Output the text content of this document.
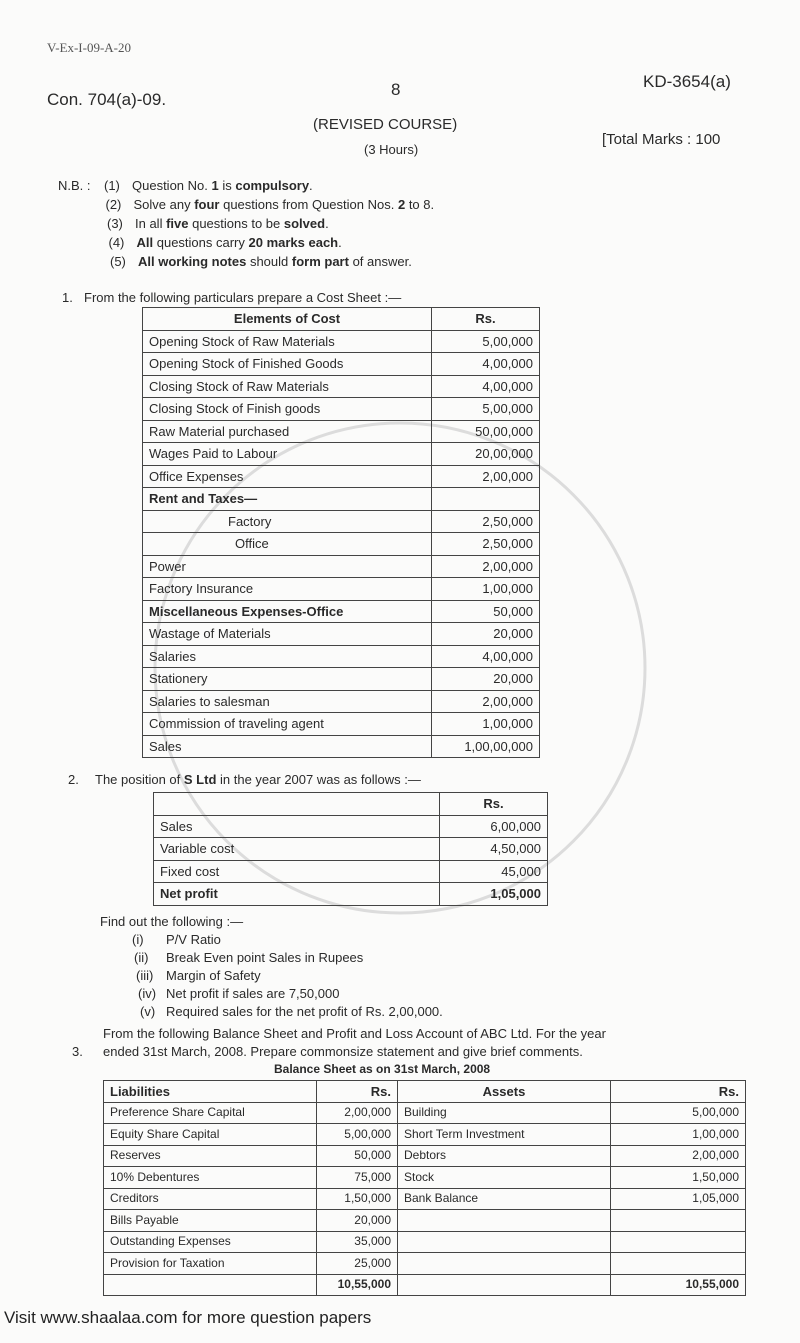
V-Ex-I-09-A-20
Con. 704(a)-09.
8	KD-3654(a)
(REVISED COURSE)
(3 Hours)
[Total Marks : 100
N.B. :	(1) Question No. 1 is compulsory.
(2) Solve any four questions from Question Nos. 2 to 8.
(3) In all five questions to be solved.
(4) All questions carry 20 marks each.
(5) All working notes should form part of answer.
1. From the following particulars prepare a Cost Sheet :—
Elements of Cost	Rs.
Opening Stock of Raw Materials	5,00,000
Opening Stock of Finished Goods	4,00,000
Closing Stock of Raw Materials	4,00,000
Closing Stock of Finish goods	5,00,000
Raw Material purchased	50,00,000
Wages Paid to Labour	20,00,000
Office Expenses	2,00,000
Rent and Taxes—	
Factory	2,50,000
Office	2,50,000
Power	2,00,000
Factory Insurance	1,00,000
Miscellaneous Expenses-Office	50,000
Wastage of Materials	20,000
Salaries	4,00,000
Stationery	20,000
Salaries to salesman	2,00,000
Commission of traveling agent	1,00,000
Sales	1,00,00,000
2. The position of S Ltd in the year 2007 was as follows :—
	Rs.
Sales	6,00,000
Variable cost	4,50,000
Fixed cost	45,000
Net profit	1,05,000
Find out the following :—
(i)	P/V Ratio
(ii)	Break Even point Sales in Rupees
(iii) Margin of Safety
(iv) Net profit if sales are 7,50,000
(v) Required sales for the net profit of Rs. 2,00,000.
3.
From the following Balance Sheet and Profit and Loss Account of ABC Ltd. For the year
ended 31st March, 2008. Prepare commonsize statement and give brief comments.
Balance Sheet as on 31st March, 2008
Liabilities	Rs.	Assets	Rs.
Preference Share Capital	2,00,000	Building	5,00,000
Equity Share Capital	5,00,000	Short Term Investment	1,00,000
Reserves	50,000	Debtors	2,00,000
10% Debentures	75,000	Stock	1,50,000
Creditors	1,50,000	Bank Balance	1,05,000
Bills Payable	20,000		
Outstanding Expenses	35,000		
Provision for Taxation	25,000		
	10,55,000		10,55,000
Visit www.shaalaa.com for more question papers
